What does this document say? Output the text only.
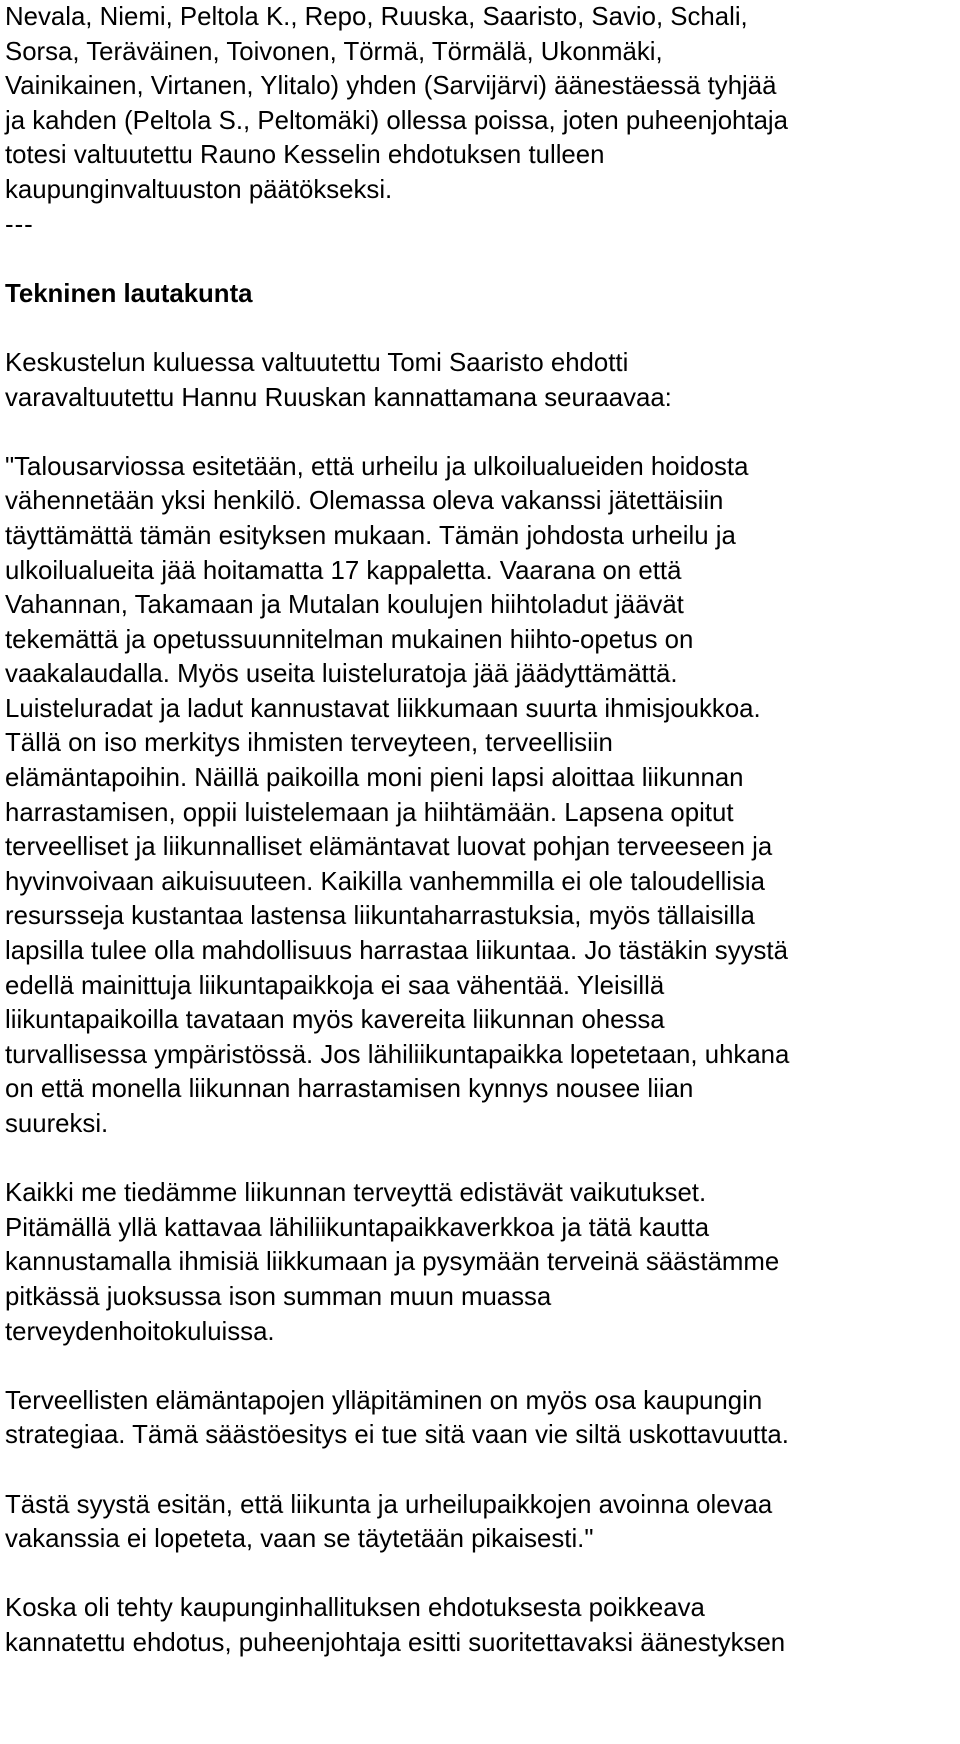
Nevala, Niemi, Peltola K., Repo, Ruuska, Saaristo, Savio, Schali,
Sorsa, Teräväinen, Toivonen, Törmä, Törmälä, Ukonmäki,
Vainikainen, Virtanen, Ylitalo) yhden (Sarvijärvi) äänestäessä tyhjää
ja kahden (Peltola S., Peltomäki) ollessa poissa, joten puheenjohtaja
totesi valtuutettu Rauno Kesselin ehdotuksen tulleen
kaupunginvaltuuston päätökseksi.
---
Tekninen lautakunta
Keskustelun kuluessa valtuutettu Tomi Saaristo ehdotti
varavaltuutettu Hannu Ruuskan kannattamana seuraavaa:
"Talousarviossa esitetään, että urheilu ja ulkoilualueiden hoidosta
vähennetään yksi henkilö. Olemassa oleva vakanssi jätettäisiin
täyttämättä tämän esityksen mukaan. Tämän johdosta urheilu ja
ulkoilualueita jää hoitamatta 17 kappaletta. Vaarana on että
Vahannan, Takamaan ja Mutalan koulujen hiihtoladut jäävät
tekemättä ja opetussuunnitelman mukainen hiihto-opetus on
vaakalaudalla. Myös useita luisteluratoja jää jäädyttämättä.
Luisteluradat ja ladut kannustavat liikkumaan suurta ihmisjoukkoa.
Tällä on iso merkitys ihmisten terveyteen, terveellisiin
elämäntapoihin. Näillä paikoilla moni pieni lapsi aloittaa liikunnan
harrastamisen, oppii luistelemaan ja hiihtämään. Lapsena opitut
terveelliset ja liikunnalliset elämäntavat luovat pohjan terveeseen ja
hyvinvoivaan aikuisuuteen. Kaikilla vanhemmilla ei ole taloudellisia
resursseja kustantaa lastensa liikuntaharrastuksia, myös tällaisilla
lapsilla tulee olla mahdollisuus harrastaa liikuntaa. Jo tästäkin syystä
edellä mainittuja liikuntapaikkoja ei saa vähentää. Yleisillä
liikuntapaikoilla tavataan myös kavereita liikunnan ohessa
turvallisessa ympäristössä. Jos lähiliikuntapaikka lopetetaan, uhkana
on että monella liikunnan harrastamisen kynnys nousee liian
suureksi.
Kaikki me tiedämme liikunnan terveyttä edistävät vaikutukset.
Pitämällä yllä kattavaa lähiliikuntapaikkaverkkoa ja tätä kautta
kannustamalla ihmisiä liikkumaan ja pysymään terveinä säästämme
pitkässä juoksussa ison summan muun muassa
terveydenhoitokuluissa.
Terveellisten elämäntapojen ylläpitäminen on myös osa kaupungin
strategiaa. Tämä säästöesitys ei tue sitä vaan vie siltä uskottavuutta.
Tästä syystä esitän, että liikunta ja urheilupaikkojen avoinna olevaa
vakanssia ei lopeteta, vaan se täytetään pikaisesti."
Koska oli tehty kaupunginhallituksen ehdotuksesta poikkeava
kannatettu ehdotus, puheenjohtaja esitti suoritettavaksi äänestyksen
